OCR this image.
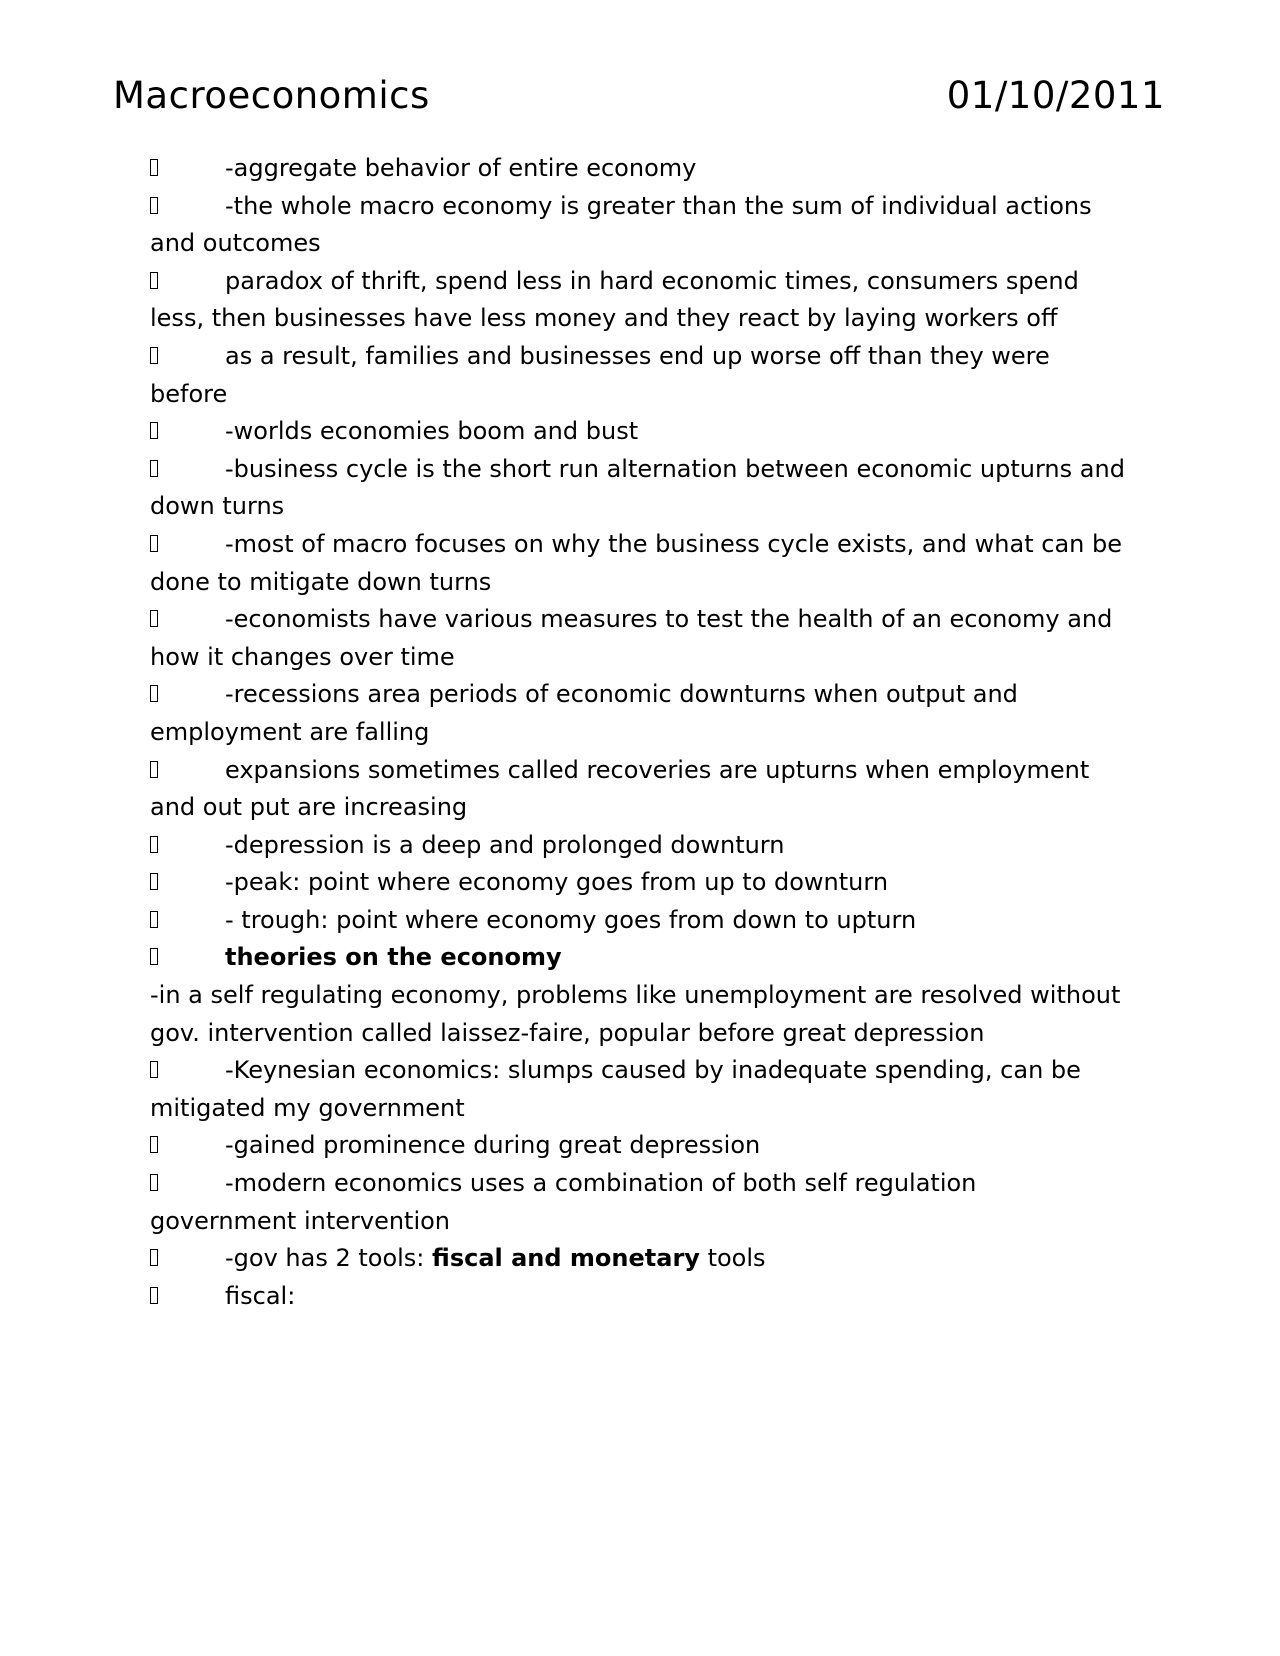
Macroeconomics	01/10/2011
-aggregate behavior of entire economy
-the whole macro economy is greater than the sum of individual actions and outcomes
paradox of thrift, spend less in hard economic times, consumers spend less, then businesses have less money and they react by laying workers off
as a result, families and businesses end up worse off than they were before
-worlds economies boom and bust
-business cycle is the short run alternation between economic upturns and down turns
-most of macro focuses on why the business cycle exists, and what can be done to mitigate down turns
-economists have various measures to test the health of an economy and how it changes over time
-recessions area periods of economic downturns when output and employment are falling
expansions sometimes called recoveries are upturns when employment and out put are increasing
-depression is a deep and prolonged downturn
-peak: point where economy goes from up to downturn
- trough: point where economy goes from down to upturn
theories on the economy
-in a self regulating economy, problems like unemployment are resolved without gov. intervention called laissez-faire, popular before great depression
-Keynesian economics: slumps caused by inadequate spending, can be mitigated my government
-gained prominence during great depression
-modern economics uses a combination of both self regulation government intervention
-gov has 2 tools: fiscal and monetary tools
fiscal:
